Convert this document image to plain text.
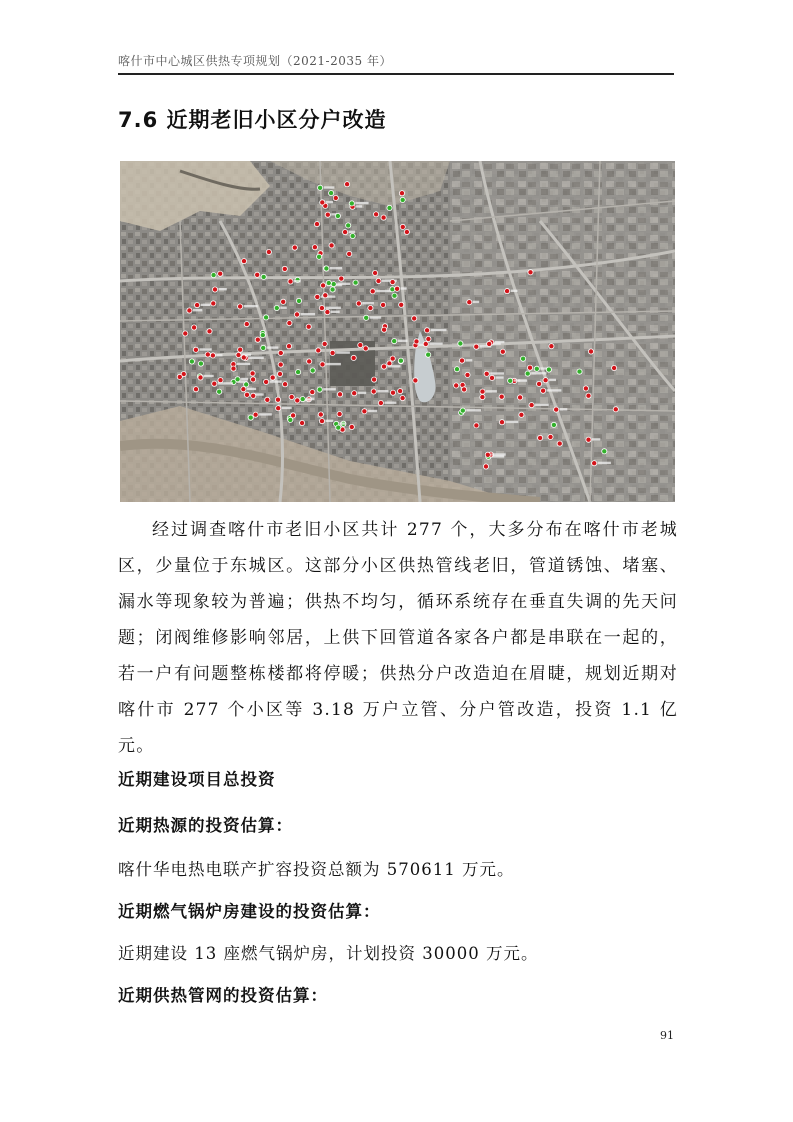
喀什市中心城区供热专项规划（2021-2035 年）
7.6 近期老旧小区分户改造

经过调查喀什市老旧小区共计 277 个，大多分布在喀什市老城区，少量位于东城区。这部分小区供热管线老旧，管道锈蚀、堵塞、漏水等现象较为普遍；供热不均匀，循环系统存在垂直失调的先天问题；闭阀维修影响邻居，上供下回管道各家各户都是串联在一起的，若一户有问题整栋楼都将停暖；供热分户改造迫在眉睫，规划近期对喀什市 277 个小区等 3.18 万户立管、分户管改造，投资 1.1 亿元。

近期建设项目总投资
近期热源的投资估算：
喀什华电热电联产扩容投资总额为 570611 万元。
近期燃气锅炉房建设的投资估算：
近期建设 13 座燃气锅炉房，计划投资 30000 万元。
近期供热管网的投资估算：
91
